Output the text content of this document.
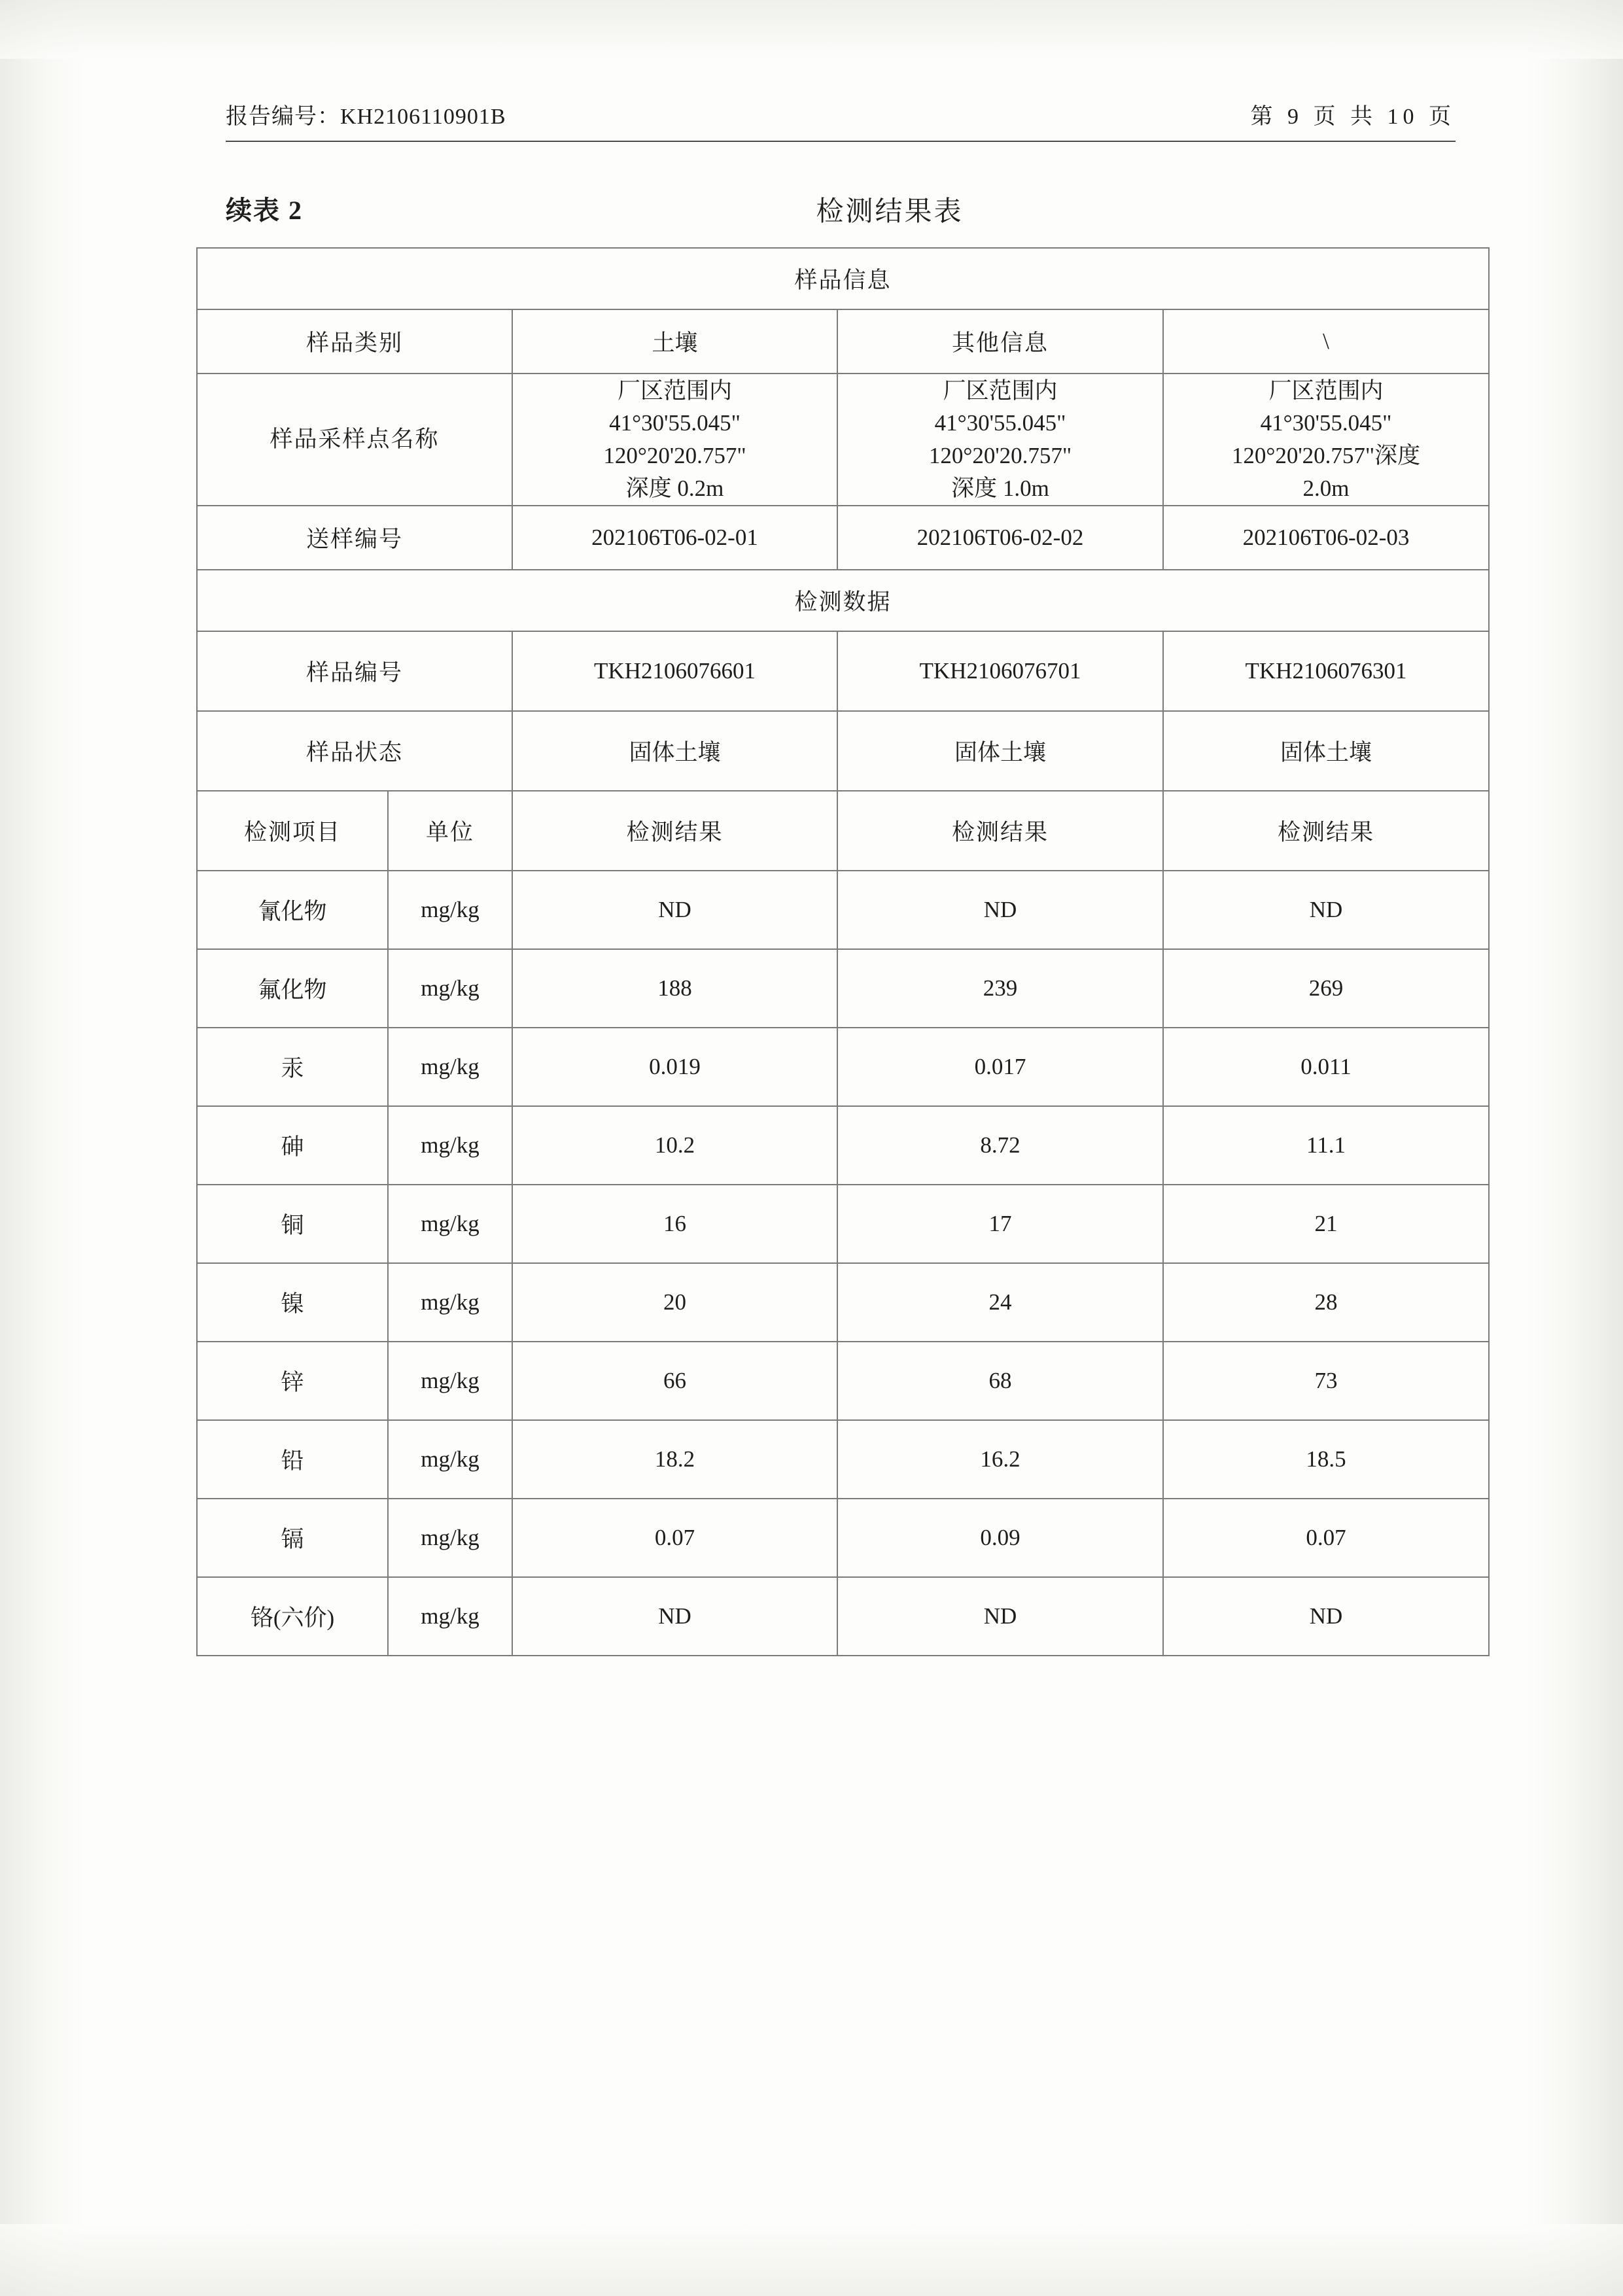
报告编号：KH2106110901B	第 9 页 共 10 页
检测结果表
续表 2
样品信息				
样品类别		土壤	其他信息	\
样品采样点名称		厂区范围内
41°30'55.045"
120°20'20.757"
深度 0.2m	厂区范围内
41°30'55.045"
120°20'20.757"
深度 1.0m	厂区范围内
41°30'55.045"
120°20'20.757"深度
2.0m
送样编号		202106T06-02-01	202106T06-02-02	202106T06-02-03
检测数据				
样品编号		TKH2106076601	TKH2106076701	TKH2106076301
样品状态		固体土壤	固体土壤	固体土壤
检测项目	单位	检测结果	检测结果	检测结果
氰化物	mg/kg	ND	ND	ND
氟化物	mg/kg	188	239	269
汞	mg/kg	0.019	0.017	0.011
砷	mg/kg	10.2	8.72	11.1
铜	mg/kg	16	17	21
镍	mg/kg	20	24	28
锌	mg/kg	66	68	73
铅	mg/kg	18.2	16.2	18.5
镉	mg/kg	0.07	0.09	0.07
铬(六价)	mg/kg	ND	ND	ND
